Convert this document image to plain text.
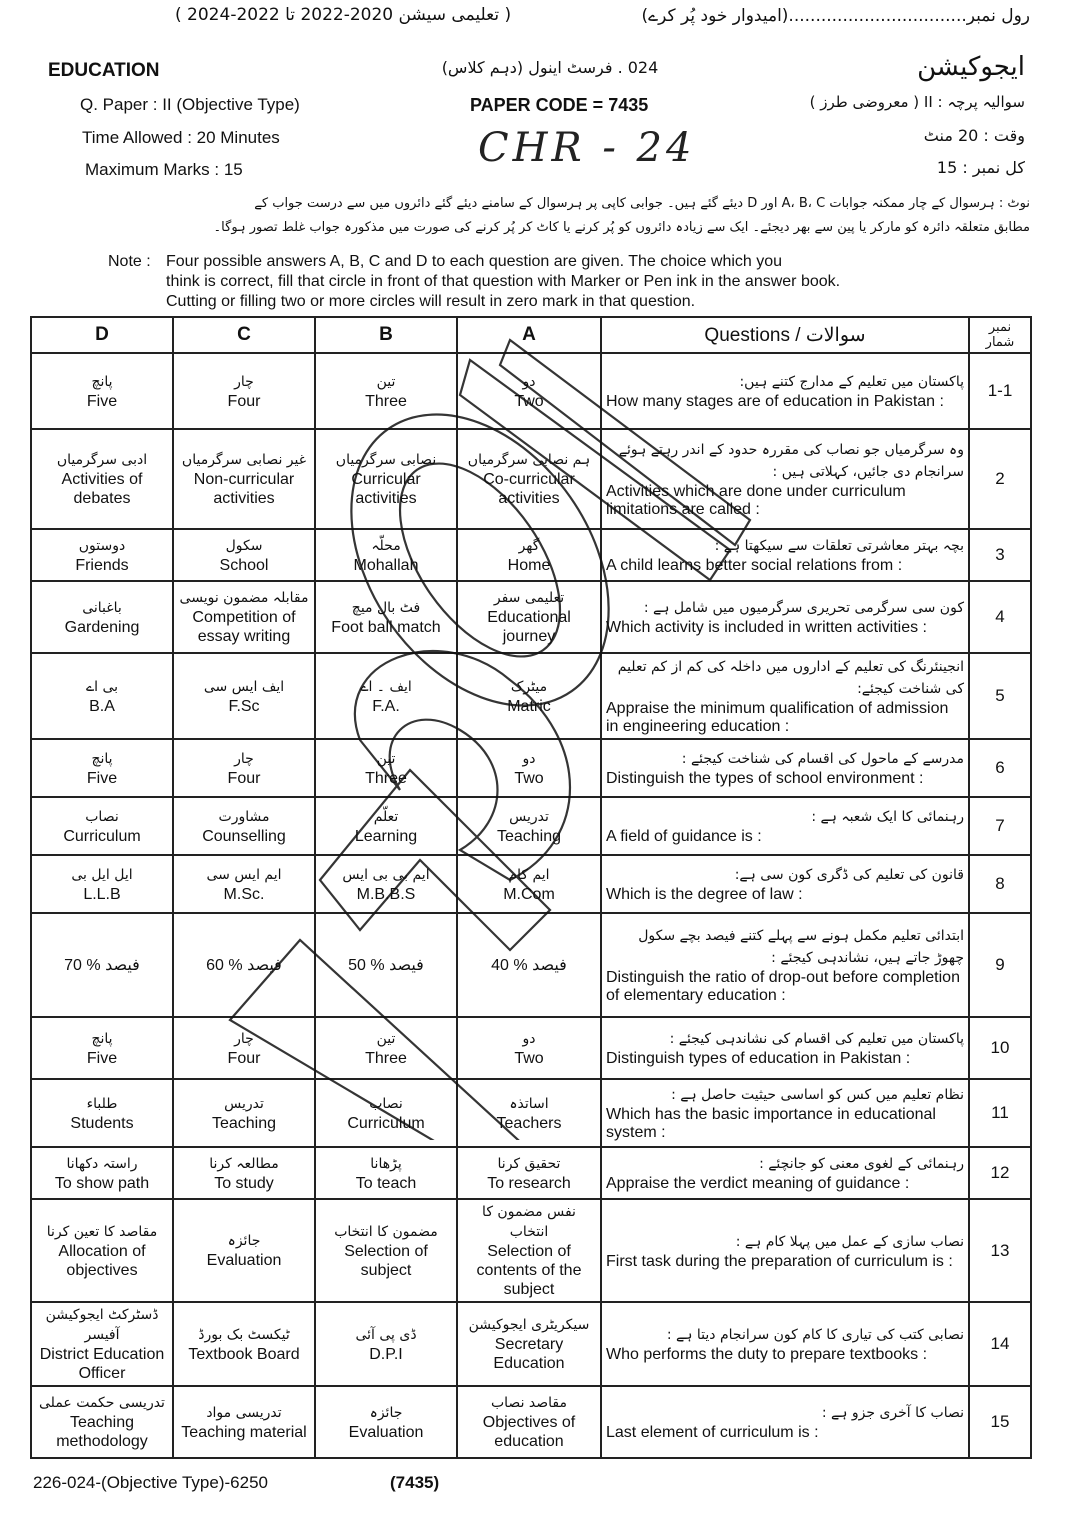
رول نمبر.................................(امیدوار خود پُر کرے)
( تعلیمی سیشن 2020-2022 تا 2022-2024 )
EDUCATION	024 . فرسٹ اینول (دہم کلاس)	ایجوکیشن
Q. Paper : II (Objective Type)	PAPER CODE = 7435	سوالیہ پرچہ : II ( معروضی طرز )
Time Allowed : 20 Minutes	وقت : 20 منٹ
CHR - 24
Maximum Marks : 15	کل نمبر : 15
نوٹ : ہرسوال کے چار ممکنہ جوابات A، B، C اور D دیئے گئے ہیں۔ جوابی کاپی پر ہرسوال کے سامنے دیئے گئے دائروں میں سے درست جواب کے
مطابق متعلقہ دائرہ کو مارکر یا پین سے بھر دیجئے۔ ایک سے زیادہ دائروں کو پُر کرنے یا کاٹ کر پُر کرنے کی صورت میں مذکورہ جواب غلط تصور ہوگا۔
Note : Four possible answers A, B, C and D to each question are given. The choice which you
think is correct, fill that circle in front of that question with Marker or Pen ink in the answer book.
Cutting or filling two or more circles will result in zero mark in that question.
D	C	B	A	Questions / سوالات	نمبر شمار

پانچ
Five	چار
Four	تین
Three	دو
Two	پاکستان میں تعلیم کے مدارج کتنے ہیں:
How many stages are of education in Pakistan :	1-1

ادبی سرگرمیاں
Activities of debates	غیر نصابی سرگرمیاں
Non-curricular activities	نصابی سرگرمیاں
Curricular activities	ہم نصابی سرگرمیاں
Co-curricular activities	وہ سرگرمیاں جو نصاب کی مقررہ حدود کے اندر رہتے ہوئے سرانجام دی جائیں، کہلاتی ہیں :
Activities which are done under curriculum limitations are called :	2

دوستوں
Friends	سکول
School	محلّہ
Mohallah	گھر
Home	بچہ بہتر معاشرتی تعلقات سے سیکھتا ہے :
A child learns better social relations from :	3

باغبانی
Gardening	مقابلہ مضمون نویسی
Competition of essay writing	فٹ بال میچ
Foot ball match	تعلیمی سفر
Educational journey	کون سی سرگرمی تحریری سرگرمیوں میں شامل ہے :
Which activity is included in written activities :	4

بی اے
B.A	ایف ایس سی
F.Sc	ایف ۔ اے
F.A.	میٹرک
Matric	انجینئرنگ کی تعلیم کے اداروں میں داخلہ کی کم از کم تعلیم کی شناخت کیجئے:
Appraise the minimum qualification of admission in engineering education :	5

پانچ
Five	چار
Four	تین
Three	دو
Two	مدرسے کے ماحول کی اقسام کی شناخت کیجئے :
Distinguish the types of school environment :	6

نصاب
Curriculum	مشاورت
Counselling	تعلّم
Learning	تدریس
Teaching	رہنمائی کا ایک شعبہ ہے :
A field of guidance is :	7

ایل ایل بی
L.L.B	ایم ایس سی
M.Sc.	ایم بی بی ایس
M.B.B.S	ایم کام
M.Com	قانون کی تعلیم کی ڈگری کون سی ہے:
Which is the degree of law :	8

70 % فیصد	60 % فیصد	50 % فیصد	40 % فیصد	ابتدائی تعلیم مکمل ہونے سے پہلے کتنے فیصد بچے سکول چھوڑ جاتے ہیں، نشاندہی کیجئے :
Distinguish the ratio of drop-out before completion of elementary education :	9

پانچ
Five	چار
Four	تین
Three	دو
Two	پاکستان میں تعلیم کی اقسام کی نشاندہی کیجئے :
Distinguish types of education in Pakistan :	10

طلباء
Students	تدریس
Teaching	نصاب
Curriculum	اساتذہ
Teachers	نظام تعلیم میں کس کو اساسی حیثیت حاصل ہے :
Which has the basic importance in educational system :	11

راستہ دکھانا
To show path	مطالعہ کرنا
To study	پڑھانا
To teach	تحقیق کرنا
To research	رہنمائی کے لغوی معنی کو جانچئے :
Appraise the verdict meaning of guidance :	12

مقاصد کا تعین کرنا
Allocation of objectives	جائزہ
Evaluation	مضمون کا انتخاب
Selection of subject	نفس مضمون کا انتخاب
Selection of contents of the subject	نصاب سازی کے عمل میں پہلا کام ہے :
First task during the preparation of curriculum is :	13

ڈسٹرکٹ ایجوکیشن آفیسر
District Education Officer	ٹیکسٹ بک بورڈ
Textbook Board	ڈی پی آئی
D.P.I	سیکریٹری ایجوکیشن
Secretary Education	نصابی کتب کی تیاری کا کام کون سرانجام دیتا ہے :
Who performs the duty to prepare textbooks :	14

تدریسی حکمت عملی
Teaching methodology	تدریسی مواد
Teaching material	جائزہ
Evaluation	مقاصد نصاب
Objectives of education	نصاب کا آخری جزو ہے :
Last element of curriculum is :	15
226-024-(Objective Type)-6250	(7435)
